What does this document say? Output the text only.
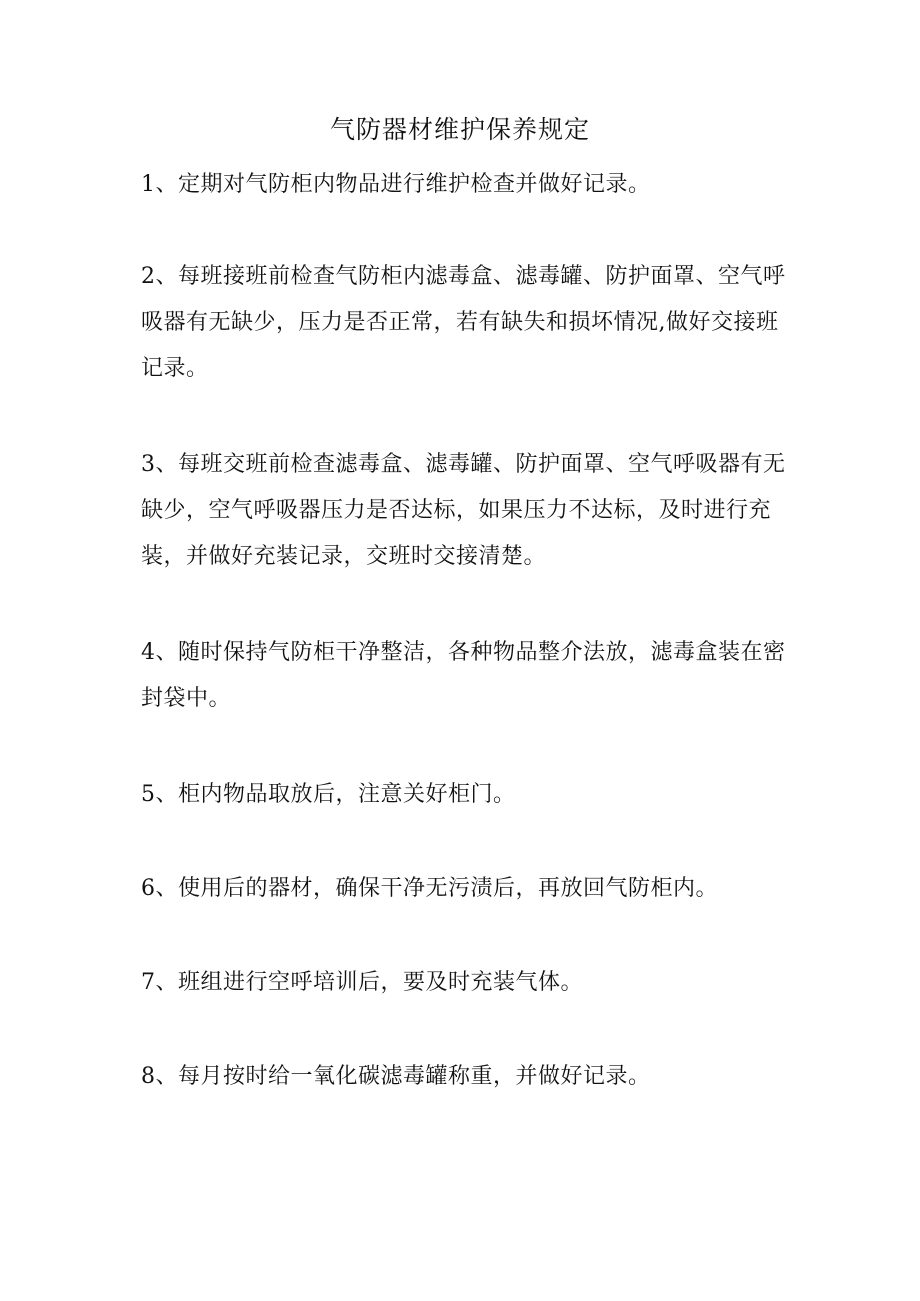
气防器材维护保养规定

1、定期对气防柜内物品进行维护检查并做好记录。

2、每班接班前检查气防柜内滤毒盒、滤毒罐、防护面罩、空气呼吸器有无缺少，压力是否正常，若有缺失和损坏情况,做好交接班记录。

3、每班交班前检查滤毒盒、滤毒罐、防护面罩、空气呼吸器有无缺少，空气呼吸器压力是否达标，如果压力不达标，及时进行充装，并做好充装记录，交班时交接清楚。

4、随时保持气防柜干净整洁，各种物品整介法放，滤毒盒装在密封袋中。

5、柜内物品取放后，注意关好柜门。

6、使用后的器材，确保干净无污渍后，再放回气防柜内。

7、班组进行空呼培训后，要及时充装气体。

8、每月按时给一氧化碳滤毒罐称重，并做好记录。
